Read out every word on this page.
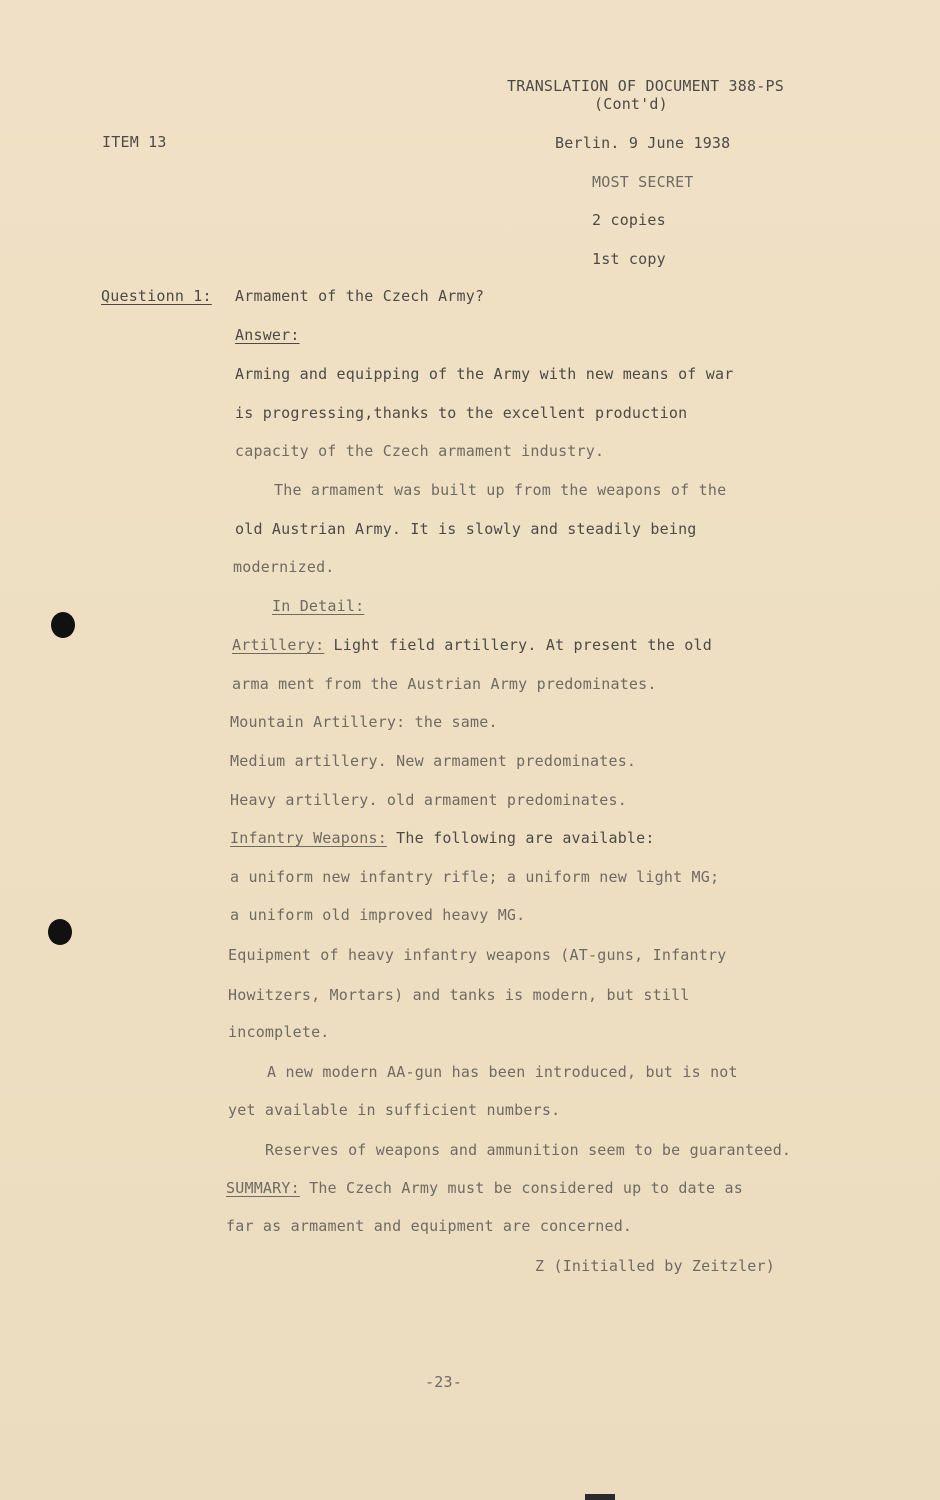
TRANSLATION OF DOCUMENT 388-PS
(Cont'd)
ITEM 13	Berlin. 9 June 1938
MOST SECRET
2 copies
1st copy
Questionn 1: Armament of the Czech Army?
Answer:
Arming and equipping of the Army with new means of war
is progressing,thanks to the excellent production
capacity of the Czech armament industry.
The armament was built up from the weapons of the
old Austrian Army. It is slowly and steadily being
modernized.
In Detail:
Artillery: Light field artillery. At present the old
arma ment from the Austrian Army predominates.
Mountain Artillery: the same.
Medium artillery. New armament predominates.
Heavy artillery. old armament predominates.
Infantry Weapons: The following are available:
a uniform new infantry rifle; a uniform new light MG;
a uniform old improved heavy MG.
Equipment of heavy infantry weapons (AT-guns, Infantry
Howitzers, Mortars) and tanks is modern, but still
incomplete.
A new modern AA-gun has been introduced, but is not
yet available in sufficient numbers.
Reserves of weapons and ammunition seem to be guaranteed.
SUMMARY: The Czech Army must be considered up to date as
far as armament and equipment are concerned.
Z (Initialled by Zeitzler)
-23-
